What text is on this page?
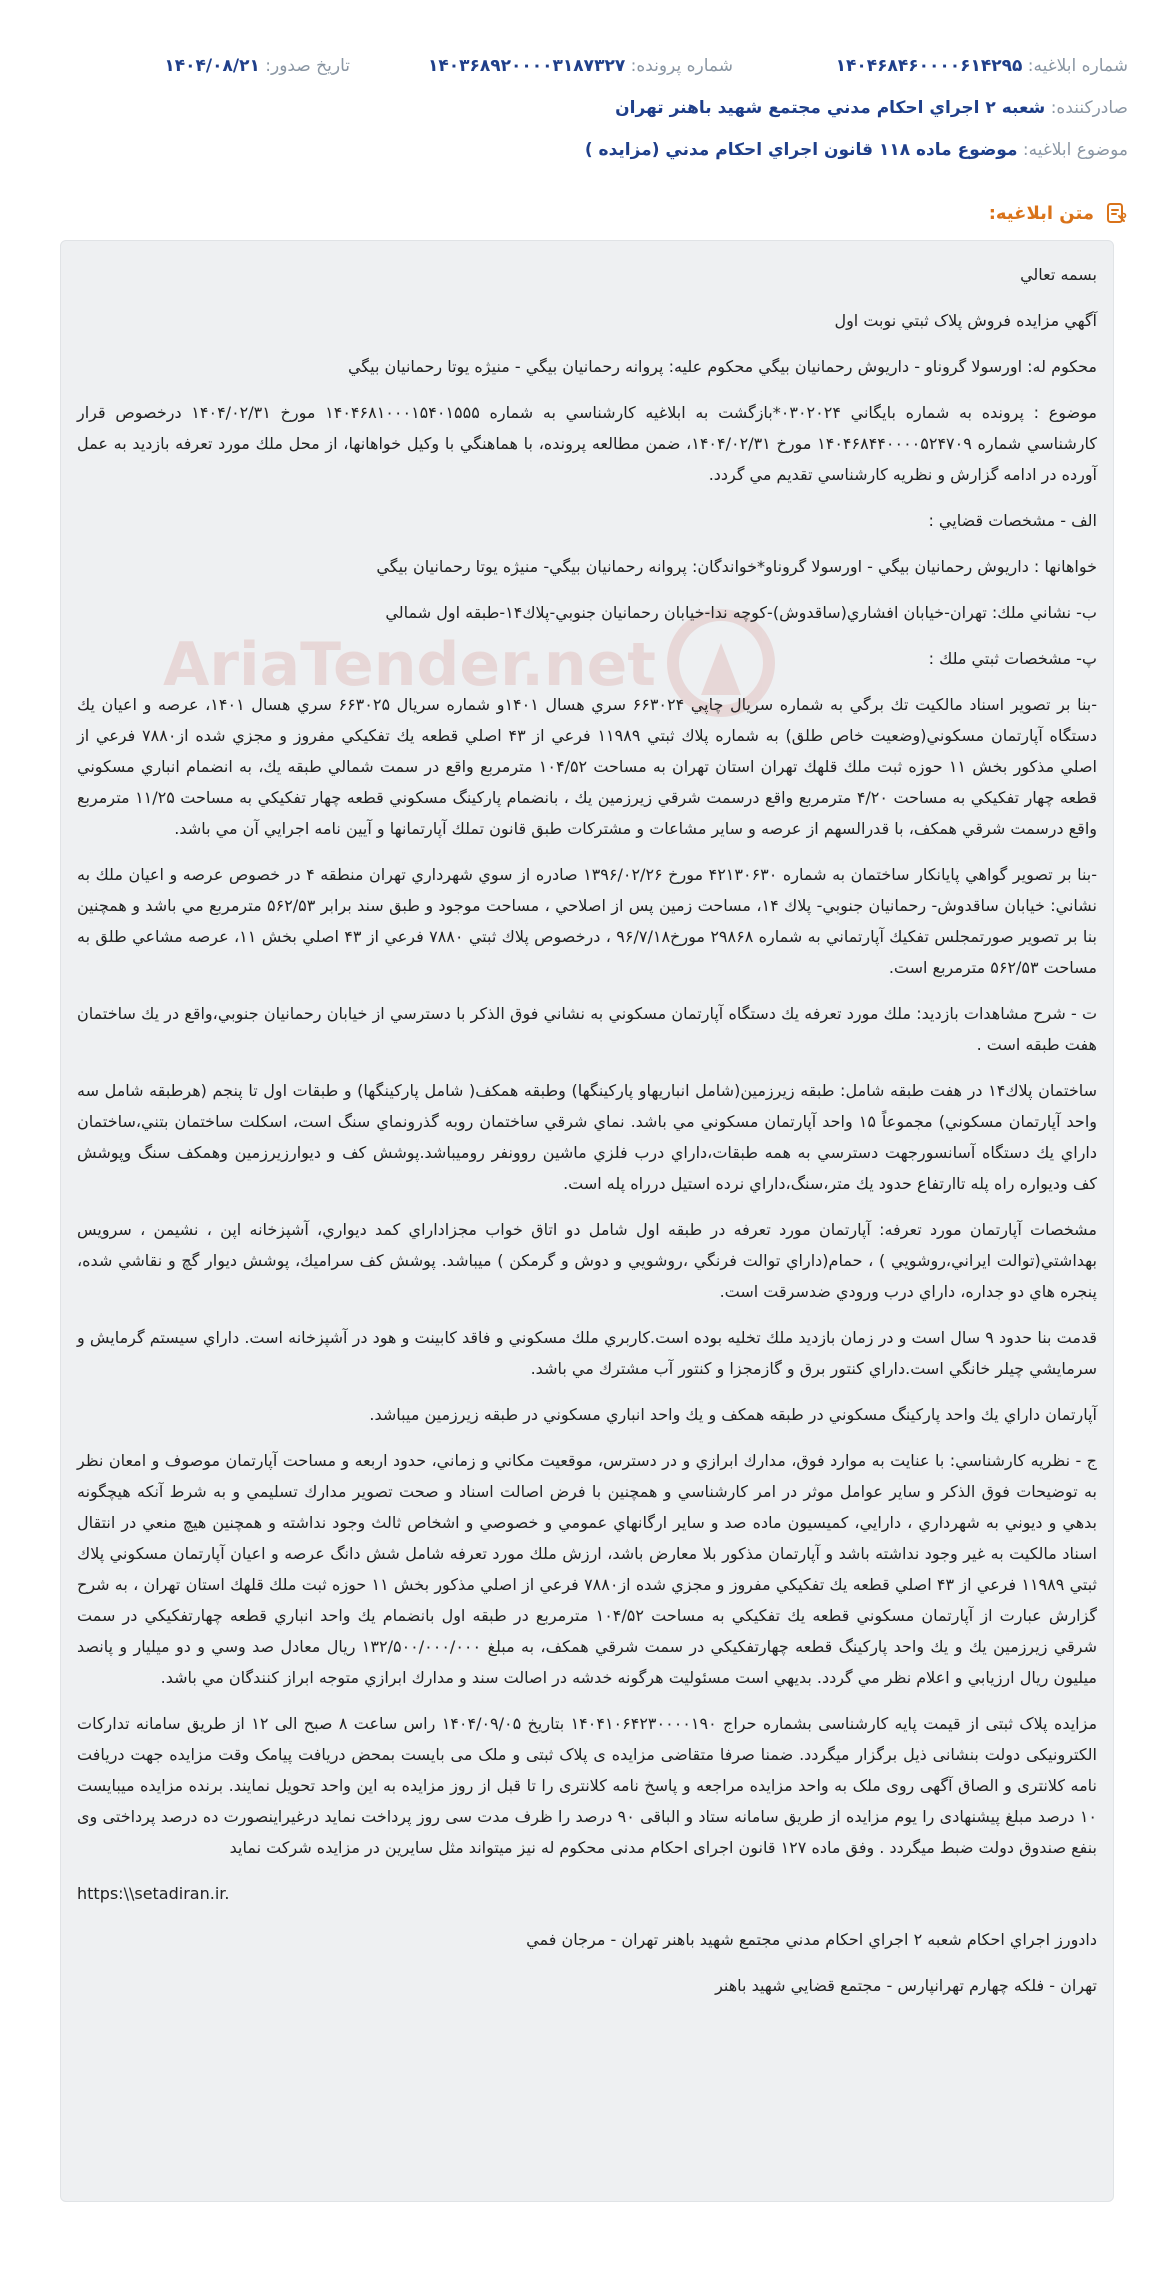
شماره ابلاغيه: ۱۴۰۴۶۸۴۶۰۰۰۰۶۱۴۲۹۵
شماره پرونده: ۱۴۰۳۶۸۹۲۰۰۰۰۳۱۸۷۳۲۷
تاريخ صدور: ۱۴۰۴/۰۸/۲۱
صادرکننده: شعبه ۲ اجراي احكام مدني مجتمع شهيد باهنر تهران
موضوع ابلاغيه: موضوع ماده ۱۱۸ قانون اجراي احكام مدني (مزايده )
متن ابلاغيه:
AriaTender.net

بسمه تعالي

آگهي مزايده فروش پلاک ثبتي نوبت اول

محکوم له: اورسولا گروناو - داريوش رحمانيان بيگي محکوم عليه: پروانه رحمانيان بيگي - منيژه يوتا رحمانيان بيگي

موضوع : پرونده به شماره بايگاني ۰۳۰۲۰۲۴*بازگشت به ابلاغيه کارشناسي به شماره ۱۴۰۴۶۸۱۰۰۰۱۵۴۰۱۵۵۵ مورخ ۱۴۰۴/۰۲/۳۱ درخصوص قرار کارشناسي شماره ۱۴۰۴۶۸۴۴۰۰۰۰۵۲۴۷۰۹ مورخ ۱۴۰۴/۰۲/۳۱، ضمن مطالعه پرونده، با هماهنگي با وکيل خواهانها، از محل ملك مورد تعرفه بازديد به عمل آورده در ادامه گزارش و نظريه کارشناسي تقديم مي گردد.

الف - مشخصات قضايي :

خواهانها : داريوش رحمانيان بيگي - اورسولا گروناو*خواندگان: پروانه رحمانيان بيگي- منيژه يوتا رحمانيان بيگي

ب- نشاني ملك: تهران-خيابان افشاري(ساقدوش)-کوچه ندا-خيابان رحمانيان جنوبي-پلاك۱۴-طبقه اول شمالي

پ- مشخصات ثبتي ملك :

-بنا بر تصوير اسناد مالكيت تك برگي به شماره سريال چاپي ۶۶۳۰۲۴ سري هسال ۱۴۰۱و شماره سريال ۶۶۳۰۲۵ سري هسال ۱۴۰۱، عرصه و اعيان يك دستگاه آپارتمان مسكوني(وضعيت خاص طلق) به شماره پلاك ثبتي ۱۱۹۸۹ فرعي از ۴۳ اصلي قطعه يك تفكيكي مفروز و مجزي شده از۷۸۸۰ فرعي از اصلي مذكور بخش ۱۱ حوزه ثبت ملك قلهك تهران استان تهران به مساحت ۱۰۴/۵۲ مترمربع واقع در سمت شمالي طبقه يك، به انضمام انباري مسكوني قطعه چهار تفكيكي به مساحت ۴/۲۰ مترمربع واقع درسمت شرقي زيرزمين يك ، بانضمام پاركينگ مسكوني قطعه چهار تفكيكي به مساحت ۱۱/۲۵ مترمربع واقع درسمت شرقي همكف، با قدرالسهم از عرصه و ساير مشاعات و مشتركات طبق قانون تملك آپارتمانها و آيين نامه اجرايي آن مي باشد.

-بنا بر تصوير گواهي پايانكار ساختمان به شماره ۴۲۱۳۰۶۳۰ مورخ ۱۳۹۶/۰۲/۲۶ صادره از سوي شهرداري تهران منطقه ۴ در خصوص عرصه و اعيان ملك به نشاني: خيابان ساقدوش- رحمانيان جنوبي- پلاك ۱۴، مساحت زمين پس از اصلاحي ، مساحت موجود و طبق سند برابر ۵۶۲/۵۳ مترمربع مي باشد و همچنين بنا بر تصوير صورتمجلس تفكيك آپارتماني به شماره ۲۹۸۶۸ مورخ۹۶/۷/۱۸ ، درخصوص پلاك ثبتي ۷۸۸۰ فرعي از ۴۳ اصلي بخش ۱۱، عرصه مشاعي طلق به مساحت ۵۶۲/۵۳ مترمربع است.

ت - شرح مشاهدات بازديد: ملك مورد تعرفه يك دستگاه آپارتمان مسكوني به نشاني فوق الذكر با دسترسي از خيابان رحمانيان جنوبي،واقع در يك ساختمان هفت طبقه است .

ساختمان پلاك۱۴ در هفت طبقه شامل: طبقه زيرزمين(شامل انباريهاو پاركينگها) وطبقه همكف( شامل پاركينگها) و طبقات اول تا پنجم (هرطبقه شامل سه واحد آپارتمان مسكوني) مجموعاً ۱۵ واحد آپارتمان مسكوني مي باشد. نماي شرقي ساختمان روبه گذرونماي سنگ است، اسكلت ساختمان بتني،ساختمان داراي يك دستگاه آسانسورجهت دسترسي به همه طبقات،داراي درب فلزي ماشين روونفر روميباشد.پوشش كف و ديوارزيرزمين وهمكف سنگ وپوشش كف وديواره راه پله تاارتفاع حدود يك متر،سنگ،داراي نرده استيل درراه پله است.

مشخصات آپارتمان مورد تعرفه: آپارتمان مورد تعرفه در طبقه اول شامل دو اتاق خواب مجزاداراي كمد ديواري، آشپزخانه اپن ، نشيمن ، سرويس بهداشتي(توالت ايراني،روشويي ) ، حمام(داراي توالت فرنگي ،روشويي و دوش و گرمكن ) ميباشد. پوشش كف سراميك، پوشش ديوار گچ و نقاشي شده، پنجره هاي دو جداره، داراي درب ورودي ضدسرقت است.

قدمت بنا حدود ۹ سال است و در زمان بازديد ملك تخليه بوده است.كاربري ملك مسكوني و فاقد كابينت و هود در آشپزخانه است. داراي سيستم گرمايش و سرمايشي چيلر خانگي است.داراي كنتور برق و گازمجزا و كنتور آب مشترك مي باشد.

آپارتمان داراي يك واحد پاركينگ مسكوني در طبقه همكف و يك واحد انباري مسكوني در طبقه زيرزمين ميباشد.

ج - نظريه كارشناسي: با عنايت به موارد فوق، مدارك ابرازي و در دسترس، موقعيت مكاني و زماني، حدود اربعه و مساحت آپارتمان موصوف و امعان نظر به توضيحات فوق الذكر و ساير عوامل موثر در امر كارشناسي و همچنين با فرض اصالت اسناد و صحت تصوير مدارك تسليمي و به شرط آنكه هيچگونه بدهي و ديوني به شهرداري ، دارايي، كميسيون ماده صد و ساير ارگانهاي عمومي و خصوصي و اشخاص ثالث وجود نداشته و همچنين هيچ منعي در انتقال اسناد مالكيت به غير وجود نداشته باشد و آپارتمان مذكور بلا معارض باشد، ارزش ملك مورد تعرفه شامل شش دانگ عرصه و اعيان آپارتمان مسكوني پلاك ثبتي ۱۱۹۸۹ فرعي از ۴۳ اصلي قطعه يك تفكيكي مفروز و مجزي شده از۷۸۸۰ فرعي از اصلي مذكور بخش ۱۱ حوزه ثبت ملك قلهك استان تهران ، به شرح گزارش عبارت از آپارتمان مسكوني قطعه يك تفكيكي به مساحت ۱۰۴/۵۲ مترمربع در طبقه اول بانضمام يك واحد انباري قطعه چهارتفكيكي در سمت شرقي زيرزمين يك و يك واحد پاركينگ قطعه چهارتفكيكي در سمت شرقي همكف، به مبلغ ۱۳۲/۵۰۰/۰۰۰/۰۰۰ ريال معادل صد وسي و دو ميليار و پانصد ميليون ريال ارزيابي و اعلام نظر مي گردد. بديهي است مسئوليت هرگونه خدشه در اصالت سند و مدارك ابرازي متوجه ابراز كنندگان مي باشد.

مزايده پلاک ثبتی از قيمت پايه کارشناسی بشماره حراج ۱۴۰۴۱۰۶۴۲۳۰۰۰۰۱۹۰ بتاريخ ۱۴۰۴/۰۹/۰۵ راس ساعت ۸ صبح الی ۱۲ از طريق سامانه تدارکات الکترونيکی دولت بنشانی ذيل برگزار ميگردد. ضمنا صرفا متقاضی مزايده ی پلاک ثبتی و ملک می بايست بمحض دريافت پيامک وقت مزايده جهت دريافت نامه کلانتری و الصاق آگهی روی ملک به واحد مزايده مراجعه و پاسخ نامه کلانتری را تا قبل از روز مزايده به اين واحد تحويل نمايند. برنده مزايده ميبايست ۱۰ درصد مبلغ پيشنهادی را يوم مزايده از طريق سامانه ستاد و الباقی ۹۰ درصد را ظرف مدت سی روز پرداخت نمايد درغيراينصورت ده درصد پرداختی وی بنفع صندوق دولت ضبط ميگردد . وفق ماده ۱۲۷ قانون اجرای احکام مدنی محکوم له نيز ميتواند مثل سايرين در مزايده شرکت نمايد

https:\\setadiran.ir.

دادورز اجراي احكام شعبه ۲ اجراي احكام مدني مجتمع شهيد باهنر تهران - مرجان فمي

تهران - فلكه چهارم تهرانپارس - مجتمع قضايي شهيد باهنر
